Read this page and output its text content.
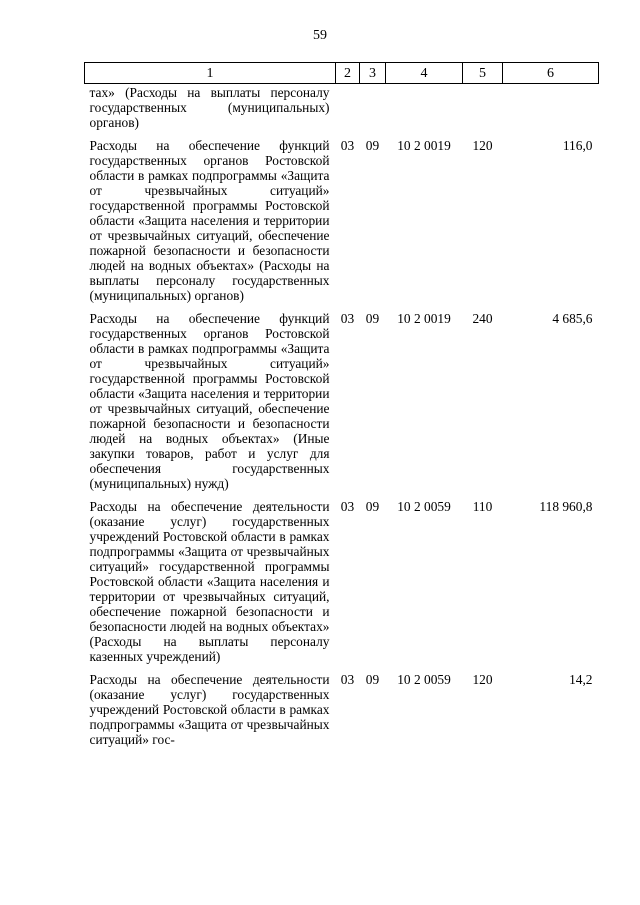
59
1	2	3	4	5	6
тах» (Расходы на выплаты персоналу государственных (муниципальных) органов)					
Расходы на обеспечение функций государственных органов Ростовской области в рамках подпрограммы «Защита от чрезвычайных ситуаций» государственной программы Ростовской области «Защита населения и территории от чрезвычайных ситуаций, обеспечение пожарной безопасности и безопасности людей на водных объектах» (Расходы на выплаты персоналу государственных (муниципальных) органов)	03	09	10 2 0019	120	116,0
Расходы на обеспечение функций государственных органов Ростовской области в рамках подпрограммы «Защита от чрезвычайных ситуаций» государственной программы Ростовской области «Защита населения и территории от чрезвычайных ситуаций, обеспечение пожарной безопасности и безопасности людей на водных объектах» (Иные закупки товаров, работ и услуг для обеспечения государственных (муниципальных) нужд)	03	09	10 2 0019	240	4 685,6
Расходы на обеспечение деятельности (оказание услуг) государственных учреждений Ростовской области в рамках подпрограммы «Защита от чрезвычайных ситуаций» государственной программы Ростовской области «Защита населения и территории от чрезвычайных ситуаций, обеспечение пожарной безопасности и безопасности людей на водных объектах» (Расходы на выплаты персоналу казенных учреждений)	03	09	10 2 0059	110	118 960,8
Расходы на обеспечение деятельности (оказание услуг) государственных учреждений Ростовской области в рамках подпрограммы «Защита от чрезвычайных ситуаций» гос-	03	09	10 2 0059	120	14,2
